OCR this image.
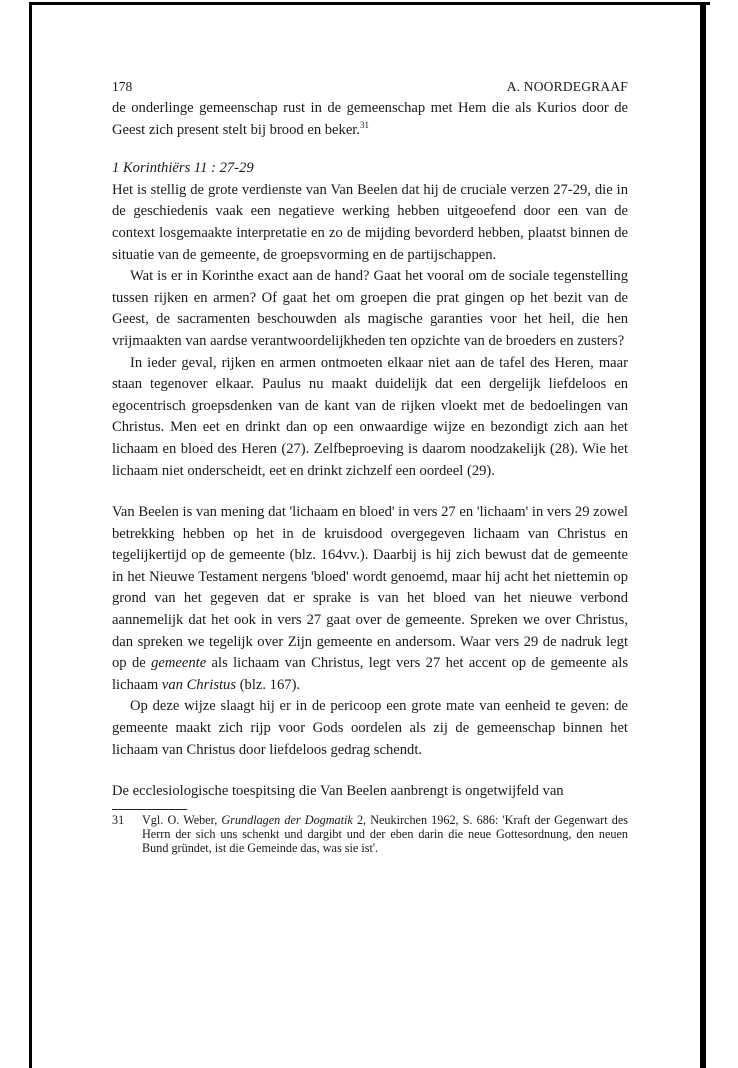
178	A. NOORDEGRAAF

de onderlinge gemeenschap rust in de gemeenschap met Hem die als Kurios door de Geest zich present stelt bij brood en beker.$^{31}$

1 Korinthiërs 11 : 27-29

Het is stellig de grote verdienste van Van Beelen dat hij de cruciale verzen 27-29, die in de geschiedenis vaak een negatieve werking hebben uitgeoefend door een van de context losgemaakte interpretatie en zo de mijding bevorderd hebben, plaatst binnen de situatie van de gemeente, de groepsvorming en de partijschappen.

Wat is er in Korinthe exact aan de hand? Gaat het vooral om de sociale tegenstelling tussen rijken en armen? Of gaat het om groepen die prat gingen op het bezit van de Geest, de sacramenten beschouwden als magische garanties voor het heil, die hen vrijmaakten van aardse verantwoordelijkheden ten opzichte van de broeders en zusters?

In ieder geval, rijken en armen ontmoeten elkaar niet aan de tafel des Heren, maar staan tegenover elkaar. Paulus nu maakt duidelijk dat een dergelijk liefdeloos en egocentrisch groepsdenken van de kant van de rijken vloekt met de bedoelingen van Christus. Men eet en drinkt dan op een onwaardige wijze en bezondigt zich aan het lichaam en bloed des Heren (27). Zelfbeproeving is daarom noodzakelijk (28). Wie het lichaam niet onderscheidt, eet en drinkt zichzelf een oordeel (29).

Van Beelen is van mening dat 'lichaam en bloed' in vers 27 en 'lichaam' in vers 29 zowel betrekking hebben op het in de kruisdood overgegeven lichaam van Christus en tegelijkertijd op de gemeente (blz. 164vv.). Daarbij is hij zich bewust dat de gemeente in het Nieuwe Testament nergens 'bloed' wordt genoemd, maar hij acht het niettemin op grond van het gegeven dat er sprake is van het bloed van het nieuwe verbond aannemelijk dat het ook in vers 27 gaat over de gemeente. Spreken we over Christus, dan spreken we tegelijk over Zijn gemeente en andersom. Waar vers 29 de nadruk legt op de gemeente als lichaam van Christus, legt vers 27 het accent op de gemeente als lichaam van Christus (blz. 167).

Op deze wijze slaagt hij er in de pericoop een grote mate van eenheid te geven: de gemeente maakt zich rijp voor Gods oordelen als zij de gemeenschap binnen het lichaam van Christus door liefdeloos gedrag schendt.

De ecclesiologische toespitsing die Van Beelen aanbrengt is ongetwijfeld van

31	Vgl. O. Weber, Grundlagen der Dogmatik 2, Neukirchen 1962, S. 686: 'Kraft der Gegenwart des Herrn der sich uns schenkt und dargibt und der eben darin die neue Gottesordnung, den neuen Bund gründet, ist die Gemeinde das, was sie ist'.
